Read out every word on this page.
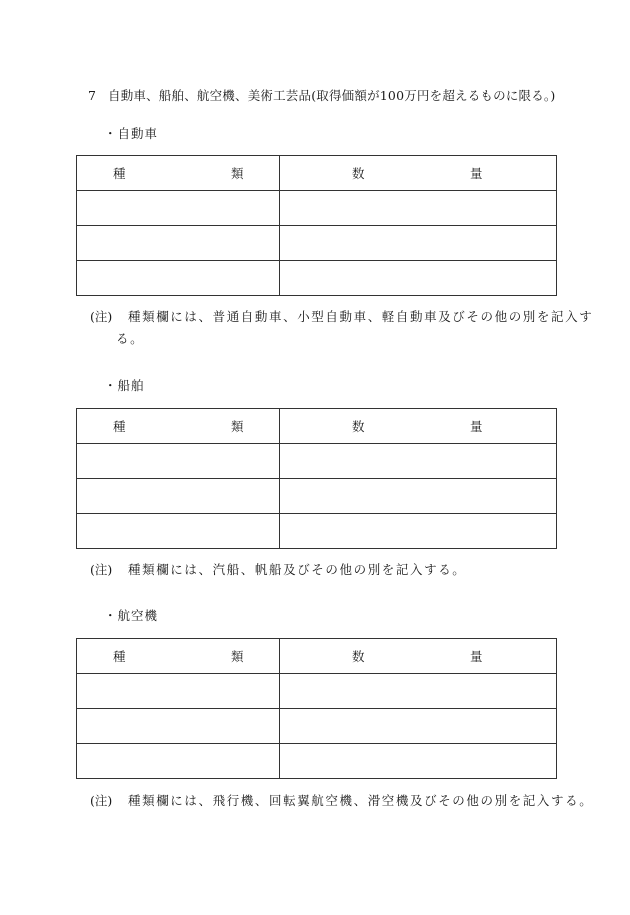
7 自動車、船舶、航空機、美術工芸品(取得価額が100万円を超えるものに限る。)
・自動車
種 類	数 量

(注) 種類欄には、普通自動車、小型自動車、軽自動車及びその他の別を記入す
る。
・船舶
種 類	数 量

(注) 種類欄には、汽船、帆船及びその他の別を記入する。
・航空機
種 類	数 量

(注) 種類欄には、飛行機、回転翼航空機、滑空機及びその他の別を記入する。
